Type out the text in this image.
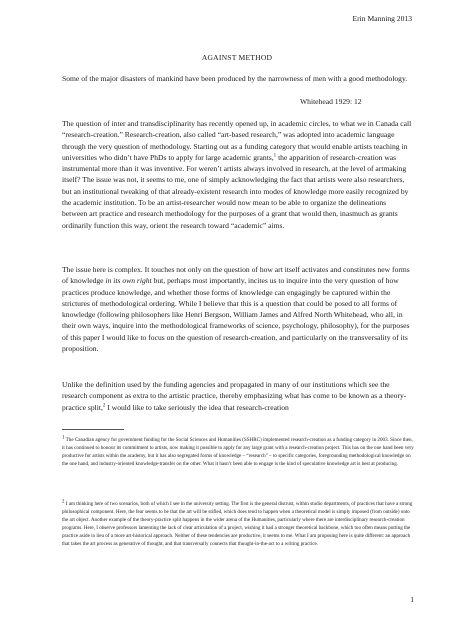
Erin Manning 2013
AGAINST METHOD

Some of the major disasters of mankind have been produced by the narrowness of men with a good methodology.

Whitehead 1929: 12

The question of inter and transdisciplinarity has recently opened up, in academic circles, to what we in Canada call “research-creation.” Research-creation, also called “art-based research,” was adopted into academic language through the very question of methodology. Starting out as a funding category that would enable artists teaching in universities who didn’t have PhDs to apply for large academic grants,$^1$ the apparition of research-creation was instrumental more than it was inventive. For weren’t artists always involved in research, at the level of artmaking itself? The issue was not, it seems to me, one of simply acknowledging the fact that artists were also researchers, but an institutional tweaking of that already-existent research into modes of knowledge more easily recognized by the academic institution. To be an artist-researcher would now mean to be able to organize the delineations between art practice and research methodology for the purposes of a grant that would then, inasmuch as grants ordinarily function this way, orient the research toward “academic” aims.

The issue here is complex. It touches not only on the question of how art itself activates and constitutes new forms of knowledge in its own right but, perhaps most importantly, incites us to inquire into the very question of how practices produce knowledge, and whether those forms of knowledge can engagingly be captured within the strictures of methodological ordering. While I believe that this is a question that could be posed to all forms of knowledge (following philosophers like Henri Bergson, William James and Alfred North Whitehead, who all, in their own ways, inquire into the methodological frameworks of science, psychology, philosophy), for the purposes of this paper I would like to focus on the question of research-creation, and particularly on the transversality of its proposition.

Unlike the definition used by the funding agencies and propagated in many of our institutions which see the research component as extra to the artistic practice, thereby emphasizing what has come to be known as a theory-practice split,$^2$ I would like to take seriously the idea that research-creation

$^1$ The Canadian agency for government funding for the Social Sciences and Humanities (SSHRC) implemented research-creation as a funding category in 2003. Since then, it has continued to honour its commitment to artists, now making it possible to apply for any large grant with a research-creation project. This has on the one hand been very productive for artists within the academy, but it has also segregated forms of knowledge – “research” – to specific categories, foregrounding methodological knowledge on the one hand, and industry-oriented knowledge-transfer on the other. What it hasn’t been able to engage is the kind of speculative knowledge art is best at producing.

$^2$ I am thinking here of two scenarios, both of which I see in the university setting. The first is the general distrust, within studio departments, of practices that have a strong philosophical component. Here, the fear seems to be that the art will be stifled, which does tend to happen when a theoretical model is simply imposed (from outside) onto the art object. Another example of the theory-practice split happens in the wider arena of the Humanities, particularly where there are interdisciplinary research-creation programs. Here, I observe professors lamenting the lack of clear articulation of a project, wishing it had a stronger theoretical backbone, which too often means putting the practice aside in lieu of a more art-historical approach. Neither of these tendencies are productive, it seems to me. What I am proposing here is quite different: an approach that takes the art process as generative of thought, and that transversally connects that thought-in-the-act to a writing practice.

1
